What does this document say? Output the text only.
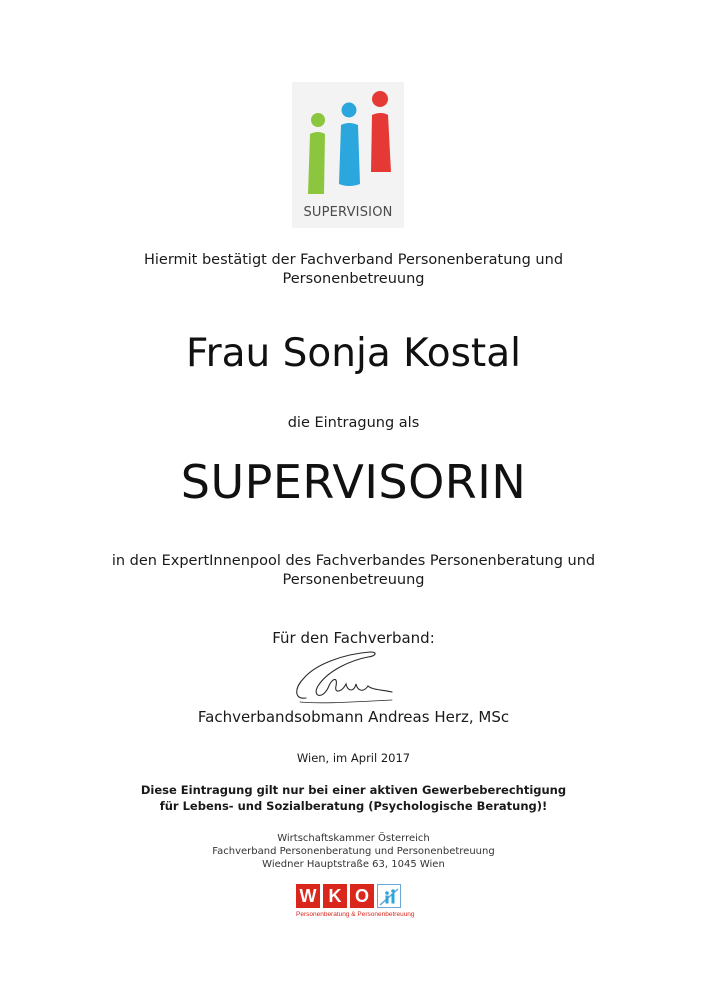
SUPERVISION
Hiermit bestätigt der Fachverband Personenberatung und
Personenbetreuung
Frau Sonja Kostal
die Eintragung als
SUPERVISORIN
in den ExpertInnenpool des Fachverbandes Personenberatung und
Personenbetreuung
Für den Fachverband:
Fachverbandsobmann Andreas Herz, MSc
Wien, im April 2017
Diese Eintragung gilt nur bei einer aktiven Gewerbeberechtigung
für Lebens- und Sozialberatung (Psychologische Beratung)!
Wirtschaftskammer Österreich
Fachverband Personenberatung und Personenbetreuung
Wiedner Hauptstraße 63, 1045 Wien
W K O
Personenberatung & Personenbetreuung
